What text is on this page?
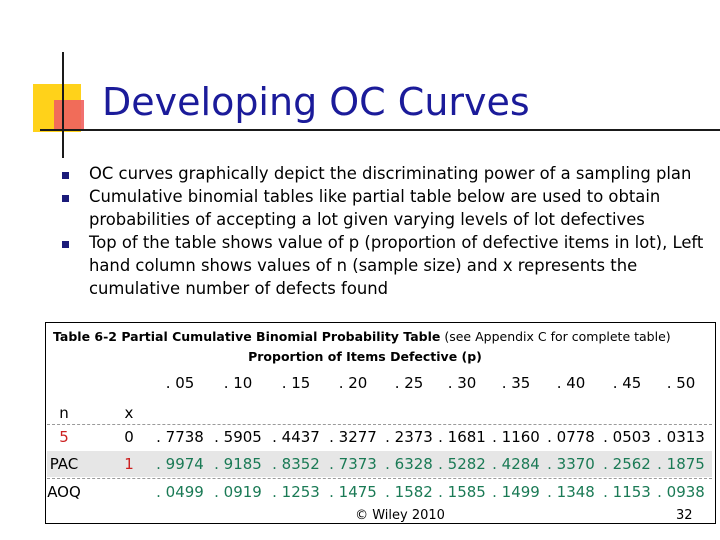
Developing OC Curves
OC curves graphically depict the discriminating power of a sampling plan
Cumulative binomial tables like partial table below are used to obtain probabilities of accepting a lot given varying levels of lot defectives
Top of the table shows value of p (proportion of defective items in lot), Left hand column shows values of n (sample size) and x represents the cumulative number of defects found
Table 6-2 Partial Cumulative Binomial Probability Table (see Appendix C for complete table)
Proportion of Items Defective (p)
. 05	. 10	. 15	. 20	. 25	. 30	. 35	. 40	. 45	. 50
n	x
5	0	. 7738 . 5905 . 4437 . 3277 . 2373 . 1681 . 1160 . 0778 . 0503 . 0313
PAC	1	. 9974 . 9185 . 8352 . 7373 . 6328 . 5282 . 4284 . 3370 . 2562 . 1875
AOQ	. 0499 . 0919 . 1253 . 1475 . 1582 . 1585 . 1499 . 1348 . 1153 . 0938
© Wiley 2010	32
